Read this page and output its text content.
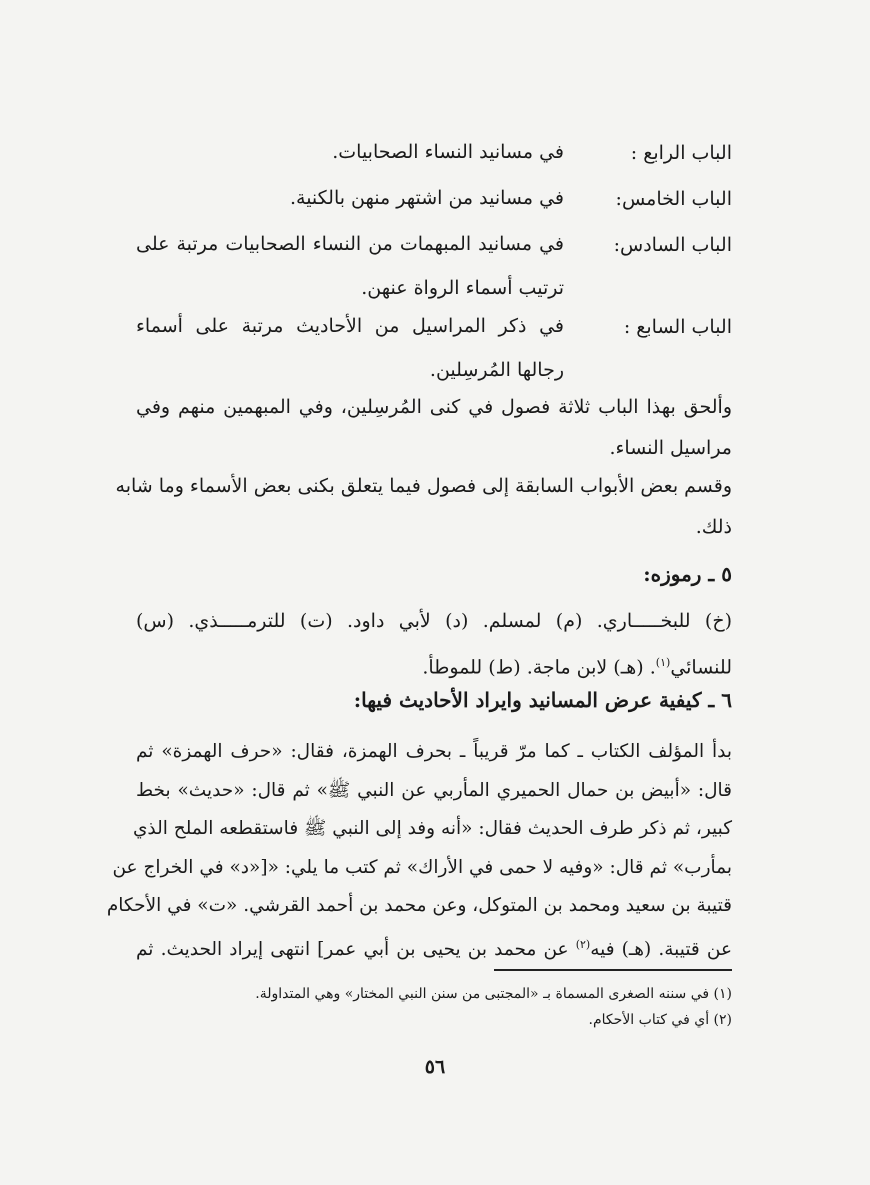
الباب الرابع :
في مسانيد النساء الصحابيات.
الباب الخامس:
في مسانيد من اشتهر منهن بالكنية.
الباب السادس:
في مسانيد المبهمات من النساء الصحابيات مرتبة على ترتيب أسماء الرواة عنهن.
الباب السابع :
في ذكر المراسيل من الأحاديث مرتبة على أسماء رجالها المُرسِلين.
وألحق بهذا الباب ثلاثة فصول في كنى المُرسِلين، وفي المبهمين منهم وفي
مراسيل النساء.
وقسم بعض الأبواب السابقة إلى فصول فيما يتعلق بكنى بعض الأسماء وما شابه
ذلك.
٥ ـ رموزه:
(خ) للبخـــــاري. (م) لمسلم. (د) لأبي داود. (ت) للترمـــــذي. (س)
للنسائي$^{(١)}$. (هـ) لابن ماجة. (ط) للموطأ.
٦ ـ كيفية عرض المسانيد وايراد الأحاديث فيها:
بدأ المؤلف الكتاب ـ كما مرّ قريباً ـ بحرف الهمزة، فقال: «حرف الهمزة» ثم
قال: «أبيض بن حمال الحميري المأربي عن النبي ﷺ» ثم قال: «حديث» بخط
كبير، ثم ذكر طرف الحديث فقال: «أنه وفد إلى النبي ﷺ فاستقطعه الملح الذي
بمأرب» ثم قال: «وفيه لا حمى في الأراك» ثم كتب ما يلي: «[«د» في الخراج عن
قتيبة بن سعيد ومحمد بن المتوكل، وعن محمد بن أحمد القرشي. «ت» في الأحكام
عن قتيبة. (هـ) فيه$^{(٢)}$ عن محمد بن يحيى بن أبي عمر] انتهى إيراد الحديث. ثم
(١) في سننه الصغرى المسماة بـ «المجتبى من سنن النبي المختار» وهي المتداولة.
(٢) أي في كتاب الأحكام.
٥٦
